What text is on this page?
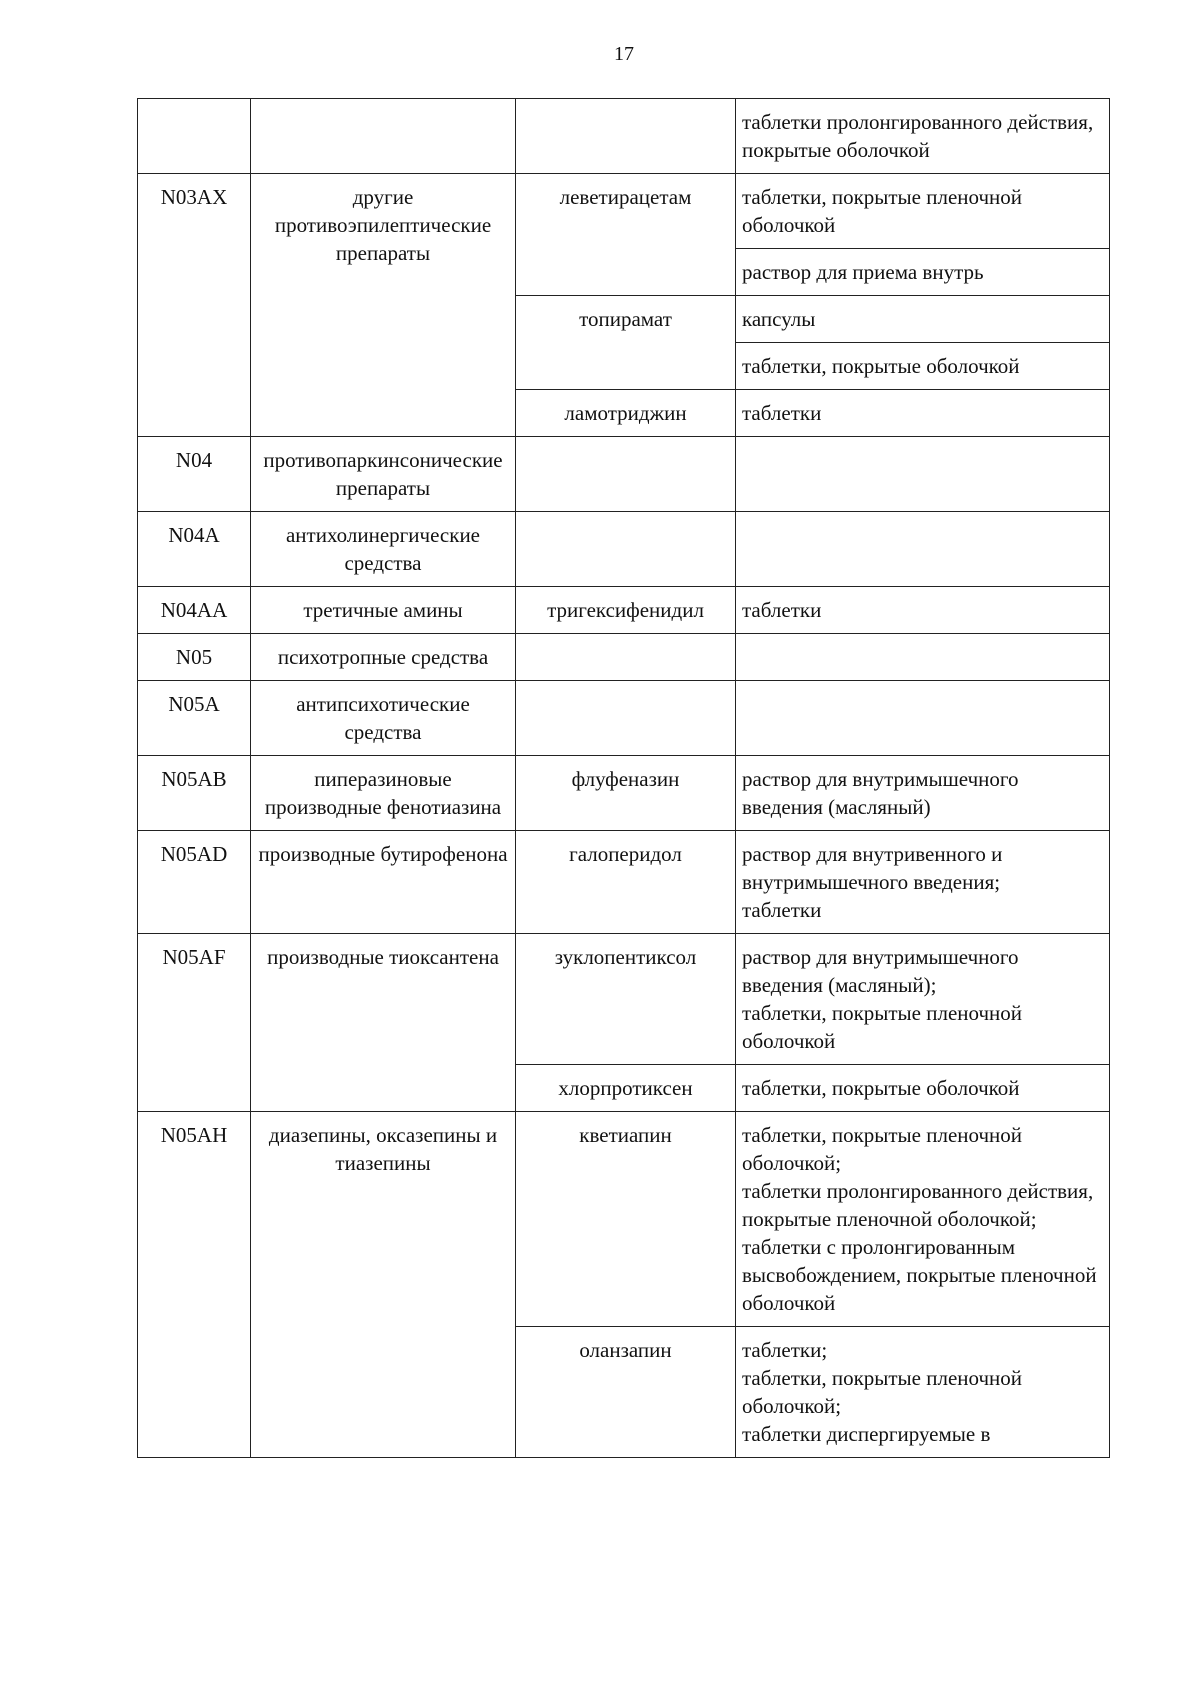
17

			таблетки пролонгированного действия, покрытые оболочкой

N03AX	другие противоэпилептические препараты	леветирацетам	таблетки, покрытые пленочной оболочкой

			раствор для приема внутрь

		топирамат	капсулы

			таблетки, покрытые оболочкой

		ламотриджин	таблетки

N04	противопаркинсонические препараты		
N04A	антихолинергические средства		
N04AA	третичные амины	тригексифенидил	таблетки

N05	психотропные средства		
N05A	антипсихотические средства		
N05AB	пиперазиновые производные фенотиазина	флуфеназин	раствор для внутримышечного введения (масляный)

N05AD	производные бутирофенона	галоперидол	раствор для внутривенного и внутримышечного введения;
таблетки

N05AF	производные тиоксантена	зуклопентиксол	раствор для внутримышечного введения (масляный);
таблетки, покрытые пленочной оболочкой

		хлорпротиксен	таблетки, покрытые оболочкой

N05AH	диазепины, оксазепины и тиазепины	кветиапин	таблетки, покрытые пленочной оболочкой;
таблетки пролонгированного действия, покрытые пленочной оболочкой;
таблетки с пролонгированным высвобождением, покрытые пленочной оболочкой

		оланзапин	таблетки;
таблетки, покрытые пленочной оболочкой;
таблетки диспергируемые в
